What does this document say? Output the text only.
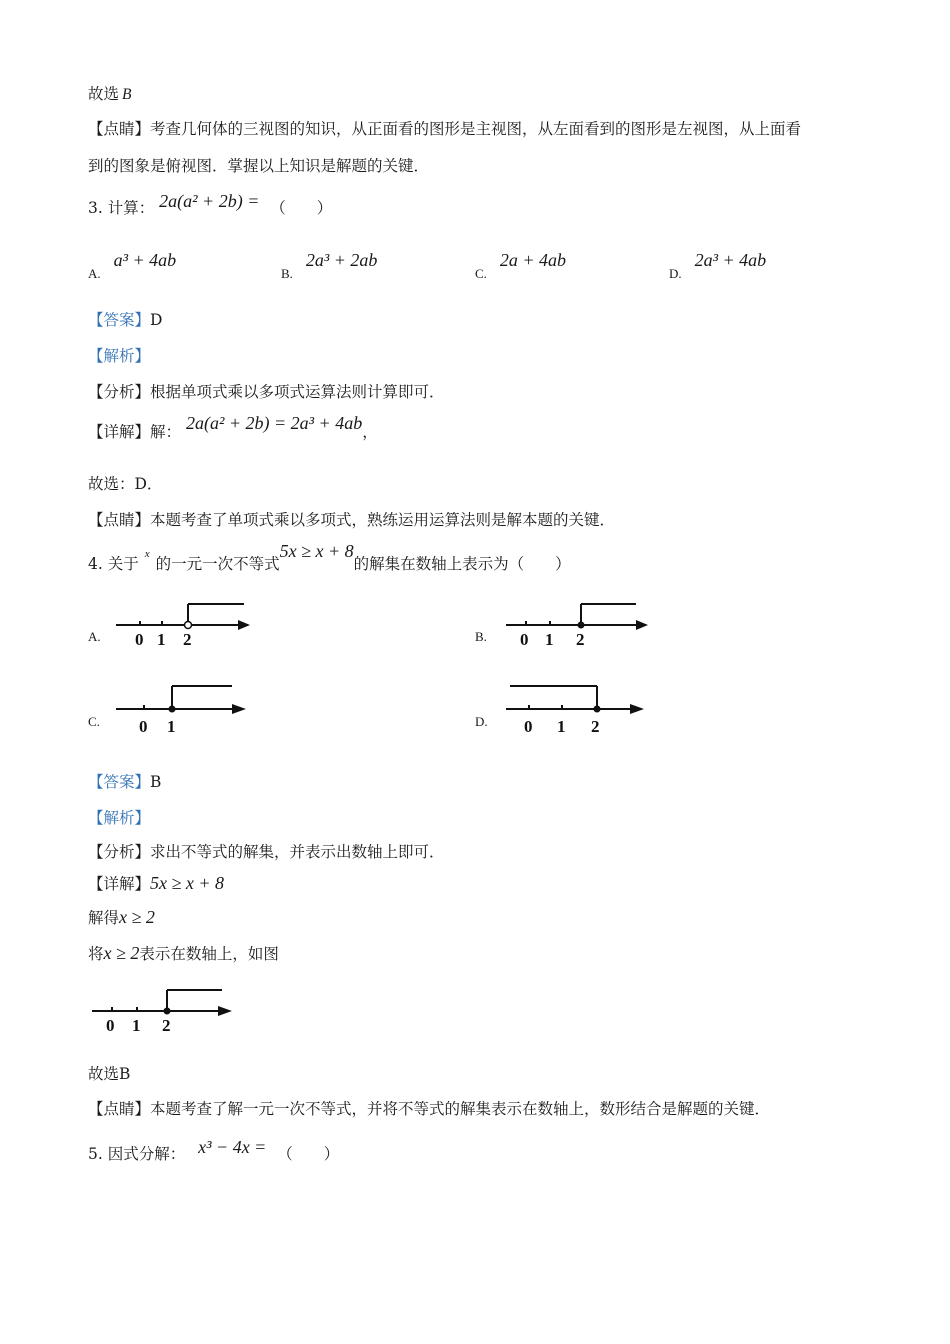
故选 B
【点睛】考查几何体的三视图的知识，从正面看的图形是主视图，从左面看到的图形是左视图，从上面看
到的图象是俯视图．掌握以上知识是解题的关键．
3. 计算： 2a(a² + 2b) = （　　）
$_{A.}$ a³ + 4ab
$_{B.}$ 2a³ + 2ab
$_{C.}$ 2a + 4ab
$_{D.}$ 2a³ + 4ab
【答案】D
【解析】
【分析】根据单项式乘以多项式运算法则计算即可．
【详解】解： 2a(a² + 2b) = 2a³ + 4ab，
故选：D．
【点睛】本题考查了单项式乘以多项式，熟练运用运算法则是解本题的关键．
4. 关于$^x$的一元一次不等式5x ≥ x + 8的解集在数轴上表示为（　　）
A. 0 1 2	B. 0 1 2
C. 0 1	D. 0 1 2
【答案】B
【解析】
【分析】求出不等式的解集，并表示出数轴上即可．
【详解】5x ≥ x + 8
解得x ≥ 2
将x ≥ 2表示在数轴上，如图
0 1 2
故选B
【点睛】本题考查了解一元一次不等式，并将不等式的解集表示在数轴上，数形结合是解题的关键．
5. 因式分解： x³ − 4x = （　　）
